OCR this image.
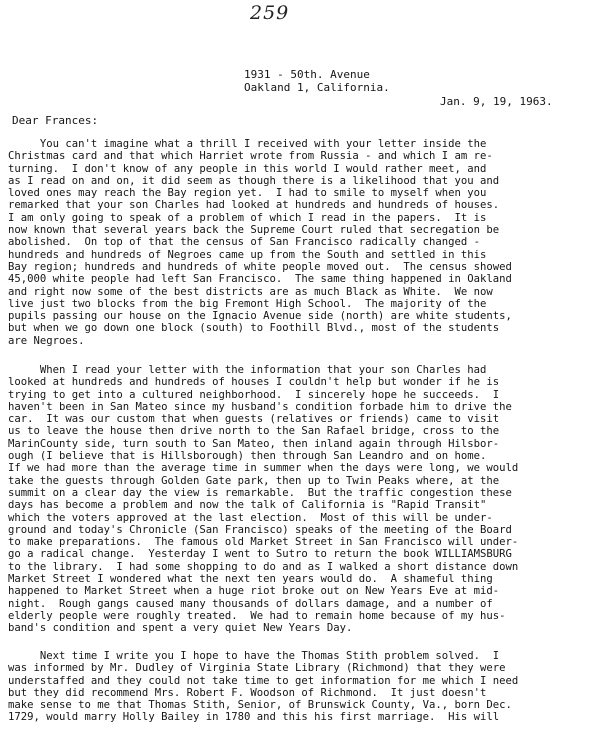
259
1931 - 50th. Avenue
Oakland 1, California.
Jan. 9, 19, 1963.
Dear Frances:
You can't imagine what a thrill I received with your letter inside the
Christmas card and that which Harriet wrote from Russia - and which I am re-
turning.  I don't know of any people in this world I would rather meet, and
as I read on and on, it did seem as though there is a likelihood that you and
loved ones may reach the Bay region yet.  I had to smile to myself when you
remarked that your son Charles had looked at hundreds and hundreds of houses.
I am only going to speak of a problem of which I read in the papers.  It is
now known that several years back the Supreme Court ruled that secregation be
abolished.  On top of that the census of San Francisco radically changed -
hundreds and hundreds of Negroes came up from the South and settled in this
Bay region; hundreds and hundreds of white people moved out.  The census showed
45,000 white people had left San Francisco.  The same thing happened in Oakland
and right now some of the best districts are as much Black as White.  We now
live just two blocks from the big Fremont High School.  The majority of the
pupils passing our house on the Ignacio Avenue side (north) are white students,
but when we go down one block (south) to Foothill Blvd., most of the students
are Negroes.
When I read your letter with the information that your son Charles had
looked at hundreds and hundreds of houses I couldn't help but wonder if he is
trying to get into a cultured neighborhood.  I sincerely hope he succeeds.  I
haven't been in San Mateo since my husband's condition forbade him to drive the
car.  It was our custom that when guests (relatives or friends) came to visit
us to leave the house then drive north to the San Rafael bridge, cross to the
MarinCounty side, turn south to San Mateo, then inland again through Hilsbor-
ough (I believe that is Hillsborough) then through San Leandro and on home.
If we had more than the average time in summer when the days were long, we would
take the guests through Golden Gate park, then up to Twin Peaks where, at the
summit on a clear day the view is remarkable.  But the traffic congestion these
days has become a problem and now the talk of California is "Rapid Transit"
which the voters approved at the last election.  Most of this will be under-
ground and today's Chronicle (San Francisco) speaks of the meeting of the Board
to make preparations.  The famous old Market Street in San Francisco will under-
go a radical change.  Yesterday I went to Sutro to return the book WILLIAMSBURG
to the library.  I had some shopping to do and as I walked a short distance down
Market Street I wondered what the next ten years would do.  A shameful thing
happened to Market Street when a huge riot broke out on New Years Eve at mid-
night.  Rough gangs caused many thousands of dollars damage, and a number of
elderly people were roughly treated.  We had to remain home because of my hus-
band's condition and spent a very quiet New Years Day.
Next time I write you I hope to have the Thomas Stith problem solved.  I
was informed by Mr. Dudley of Virginia State Library (Richmond) that they were
understaffed and they could not take time to get information for me which I need
but they did recommend Mrs. Robert F. Woodson of Richmond.  It just doesn't
make sense to me that Thomas Stith, Senior, of Brunswick County, Va., born Dec.
1729, would marry Holly Bailey in 1780 and this his first marriage.  His will
